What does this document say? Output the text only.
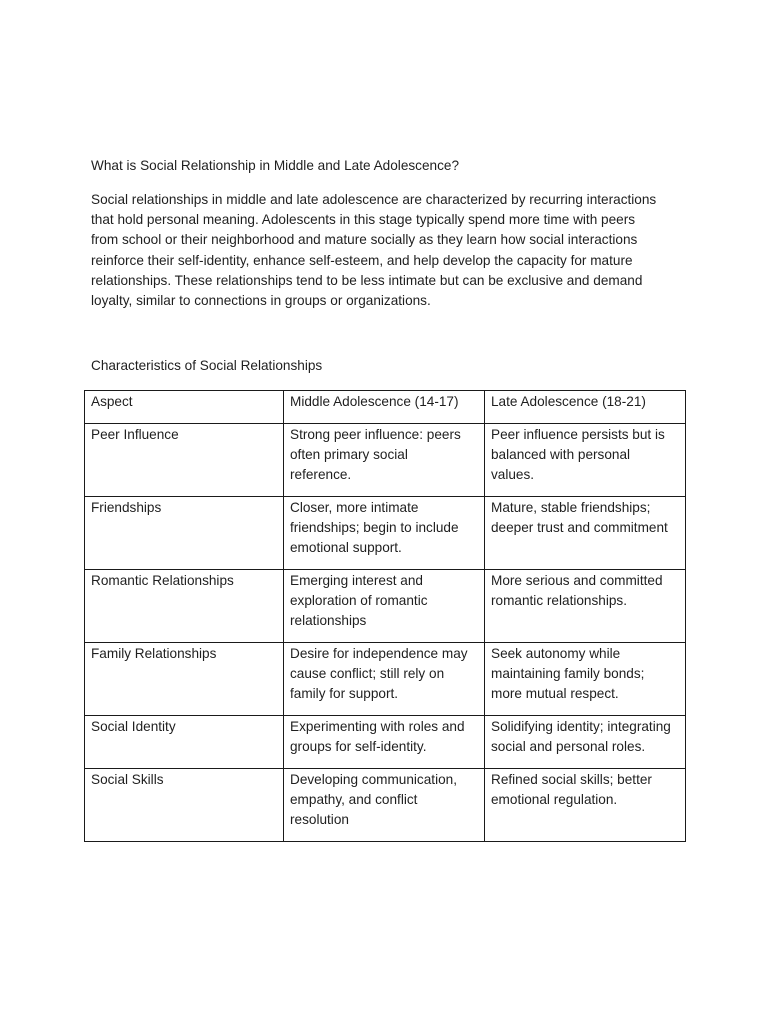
What is Social Relationship in Middle and Late Adolescence?

Social relationships in middle and late adolescence are characterized by recurring interactions
that hold personal meaning. Adolescents in this stage typically spend more time with peers
from school or their neighborhood and mature socially as they learn how social interactions
reinforce their self-identity, enhance self-esteem, and help develop the capacity for mature
relationships. These relationships tend to be less intimate but can be exclusive and demand
loyalty, similar to connections in groups or organizations.

Characteristics of Social Relationships
Aspect	Middle Adolescence (14-17)	Late Adolescence (18-21)
Peer Influence	Strong peer influence: peers
often primary social
reference.	Peer influence persists but is
balanced with personal
values.

Friendships	Closer, more intimate
friendships; begin to include
emotional support.	Mature, stable friendships;
deeper trust and commitment

Romantic Relationships	Emerging interest and
exploration of romantic
relationships	More serious and committed
romantic relationships.

Family Relationships	Desire for independence may
cause conflict; still rely on
family for support.	Seek autonomy while
maintaining family bonds;
more mutual respect.

Social Identity	Experimenting with roles and
groups for self-identity.	Solidifying identity; integrating
social and personal roles.

Social Skills	Developing communication,
empathy, and conflict
resolution	Refined social skills; better
emotional regulation.
